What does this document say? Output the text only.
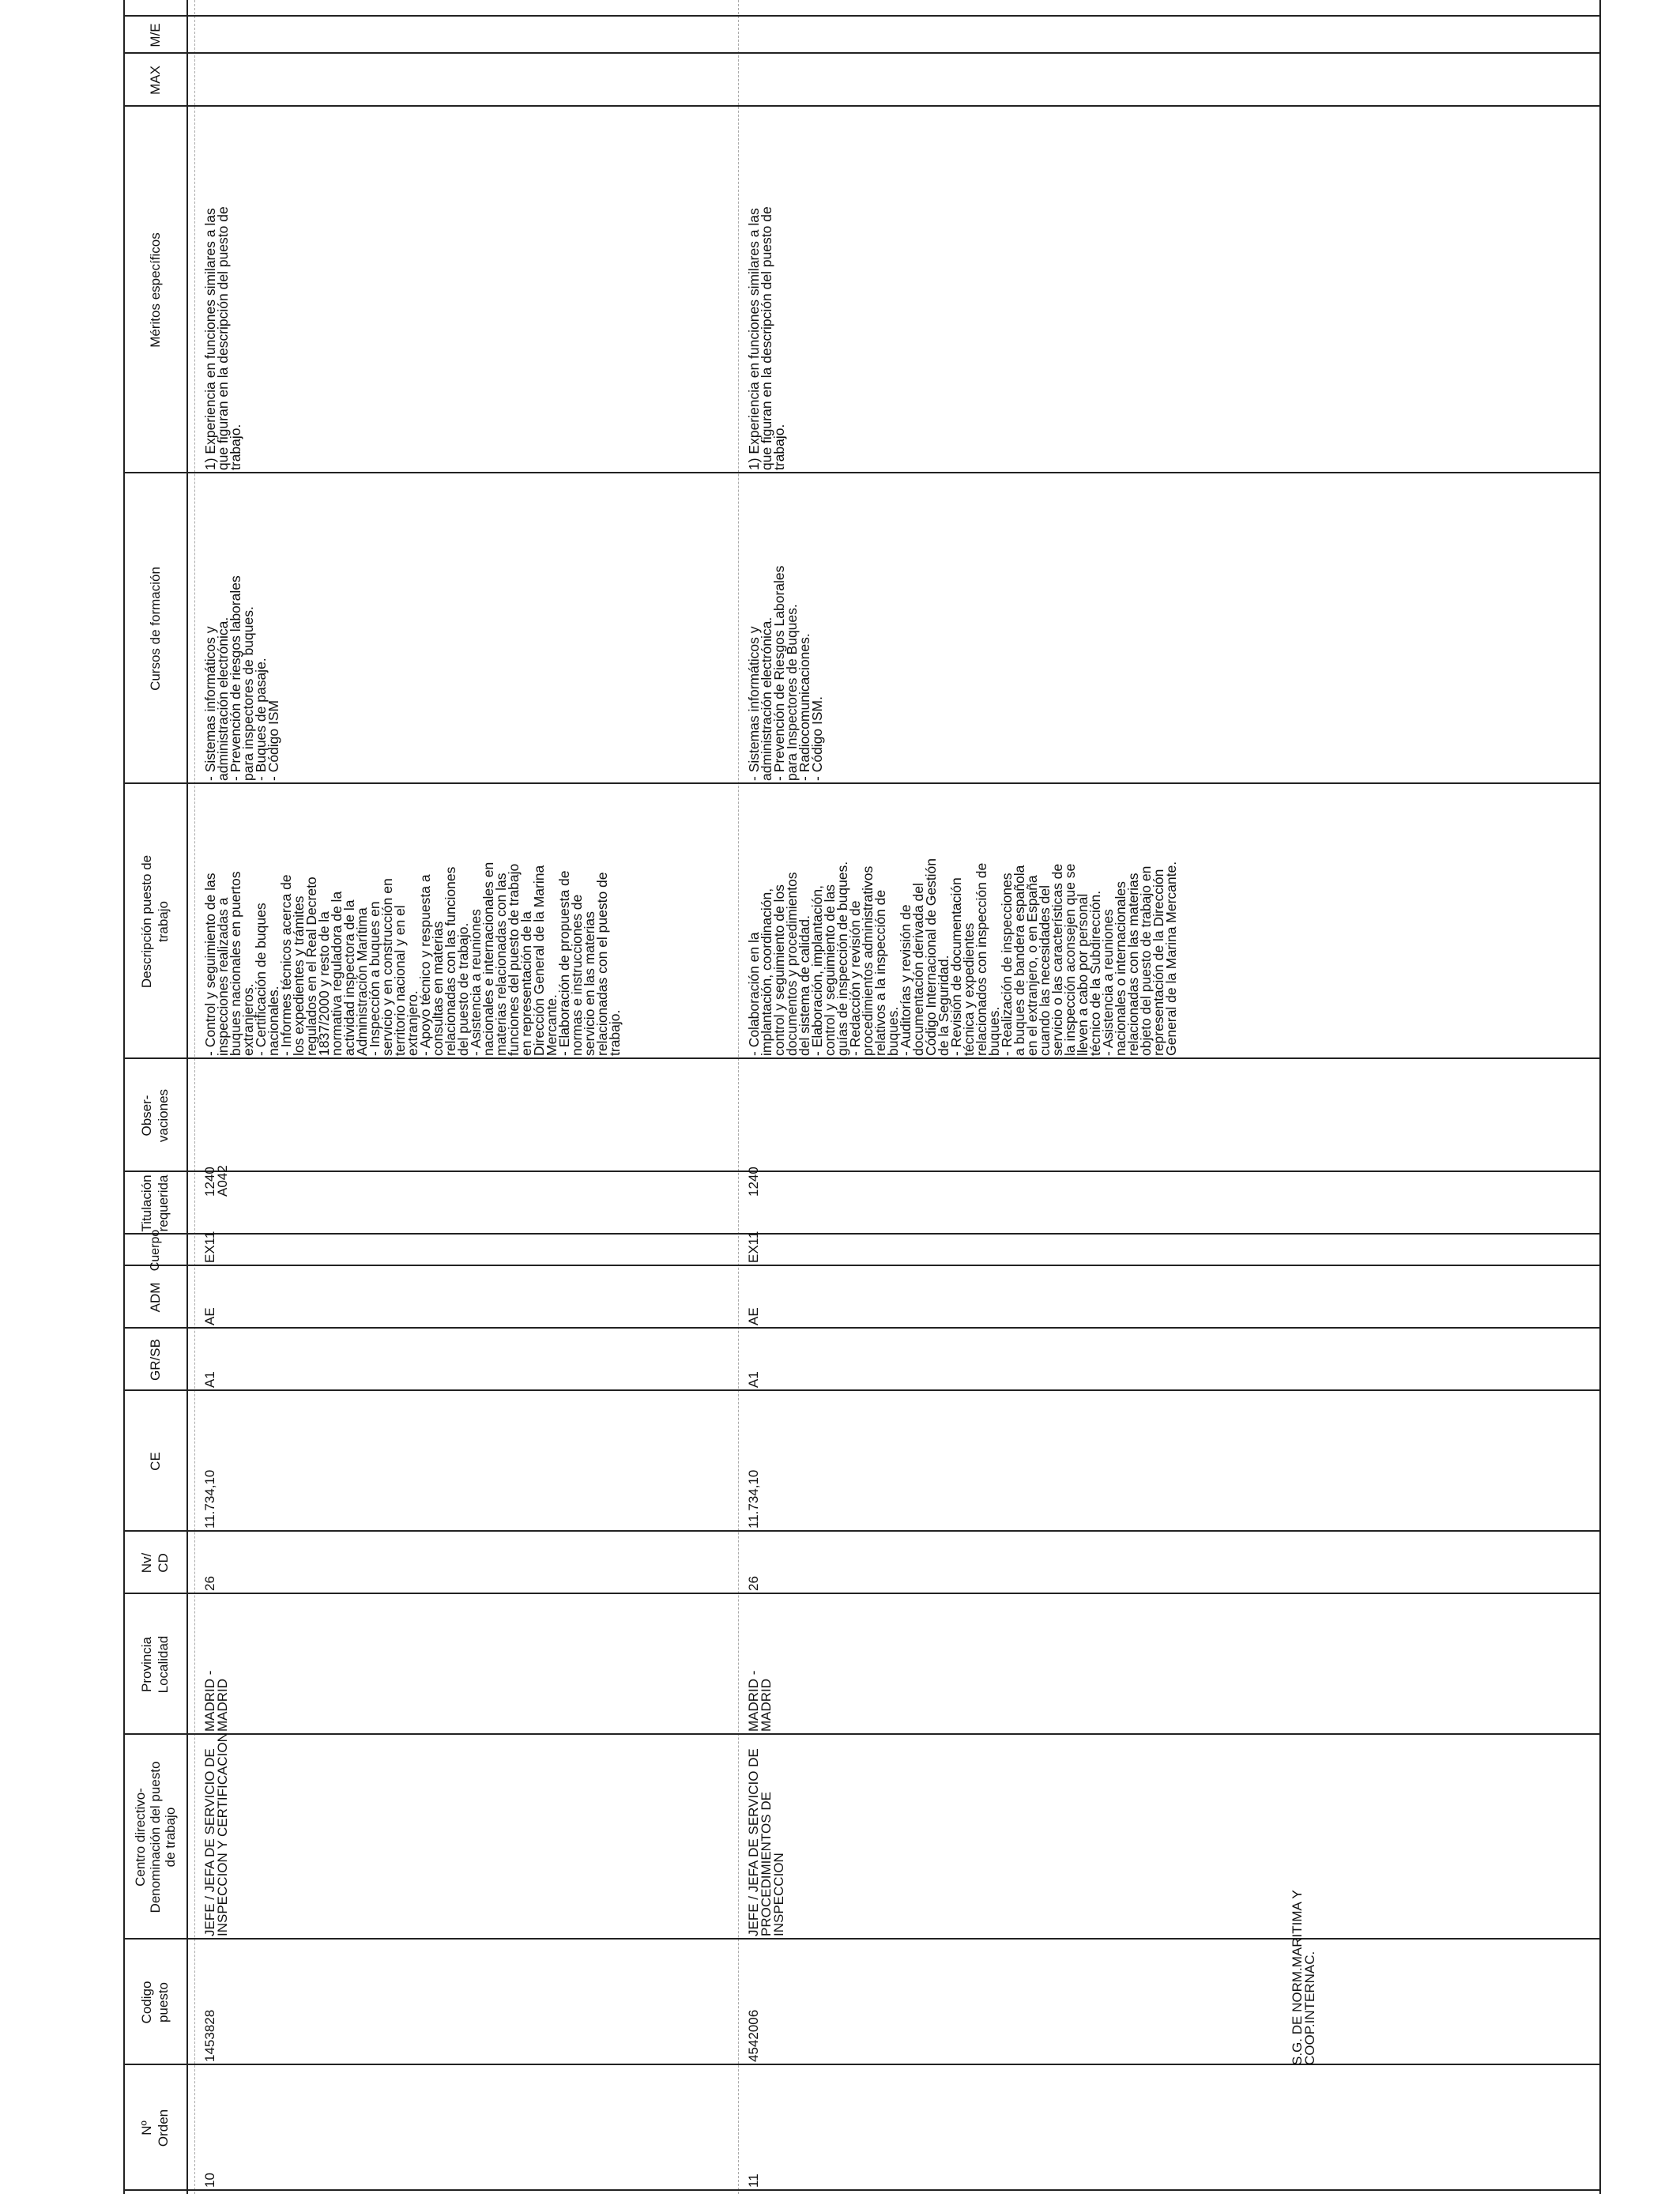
Nº
Orden
Codigo
puesto
Centro directivo-
Denominación del puesto
de trabajo
Provincia
Localidad
Nv/
CD
CE
GR/SB
ADM
Cuerpo
Titulación
requerida
Obser-
vaciones
Descripción puesto de
trabajo
Cursos de formación
Méritos específicos
MAX
M/E
10
1453828
JEFE / JEFA DE SERVICIO DE
INSPECCION Y CERTIFICACION
MADRID -
MADRID
26
11.734,10
A1
AE
EX11
1240
A042
- Control y seguimiento de las
inspecciones realizadas a
buques nacionales en puertos
extranjeros.
- Certificación de buques
nacionales.
- Informes técnicos acerca de
los expedientes y trámites
regulados en el Real Decreto
1837/2000 y resto de la
normativa reguladora de la
actividad inspectora de la
Administración Marítima
- Inspección a buques en
servicio y en construcción en
territorio nacional y en el
extranjero.
- Apoyo técnico y respuesta a
consultas en materias
relacionadas con las funciones
del puesto de trabajo.
- Asistencia a reuniones
nacionales e internacionales en
materias relacionadas con las
funciones del puesto de trabajo
en representación de la
Dirección General de la Marina
Mercante.
- Elaboración de propuesta de
normas e instrucciones de
servicio en las materias
relacionadas con el puesto de
trabajo.
- Sistemas informáticos y
administración electrónica.
- Prevención de riesgos laborales
para inspectores de buques.
- Buques de pasaje.
- Código ISM
1) Experiencia en funciones similares a las
que figuran en la descripción del puesto de
trabajo.
11
4542006
JEFE / JEFA DE SERVICIO DE
PROCEDIMIENTOS DE
INSPECCION
MADRID -
MADRID
26
11.734,10
A1
AE
EX11
1240
- Colaboración en la
implantación, coordinación,
control y seguimiento de los
documentos y procedimientos
del sistema de calidad.
- Elaboración, implantación,
control y seguimiento de las
guías de inspección de buques.
- Redacción y revisión de
procedimientos administrativos
relativos a la inspección de
buques.
- Auditorías y revisión de
documentación derivada del
Código Internacional de Gestión
de la Seguridad.
- Revisión de documentación
técnica y expedientes
relacionados con inspección de
buques.
- Realización de inspecciones
a buques de bandera española
en el extranjero, o en España
cuando las necesidades del
servicio o las características de
la inspección aconsejen que se
lleven a cabo por personal
técnico de la Subdirección.
- Asistencia a reuniones
nacionales o internacionales
relacionadas con las materias
objeto del puesto de trabajo en
representación de la Dirección
General de la Marina Mercante.
- Sistemas informáticos y
administración electrónica.
- Prevención de Riesgos Laborales
para Inspectores de Buques.
- Radiocomunicaciones.
- Código ISM.
1) Experiencia en funciones similares a las
que figuran en la descripción del puesto de
trabajo.
S.G. DE NORM.MARITIMA Y
COOP.INTERNAC.
